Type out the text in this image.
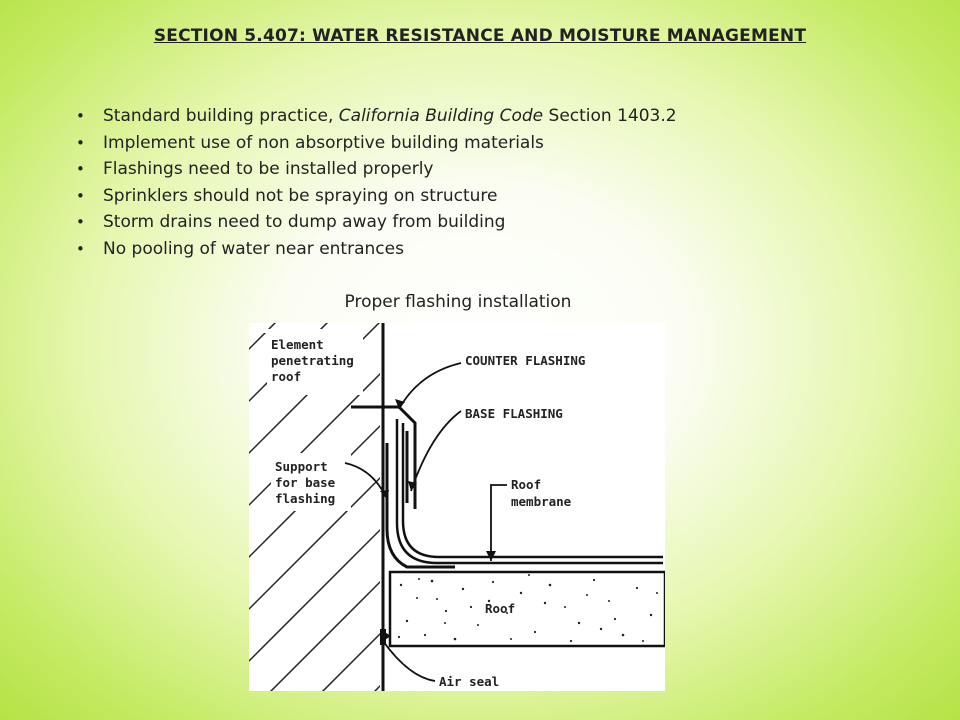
SECTION 5.407: WATER RESISTANCE AND MOISTURE MANAGEMENT
• Standard building practice, California Building Code Section 1403.2
• Implement use of non absorptive building materials
• Flashings need to be installed properly
• Sprinklers should not be spraying on structure
• Storm drains need to dump away from building
• No pooling of water near entrances
Proper flashing installation
Element
penetrating
roof
COUNTER FLASHING
BASE FLASHING
Support
for base
flashing
Roof
membrane
Roof
Air seal
